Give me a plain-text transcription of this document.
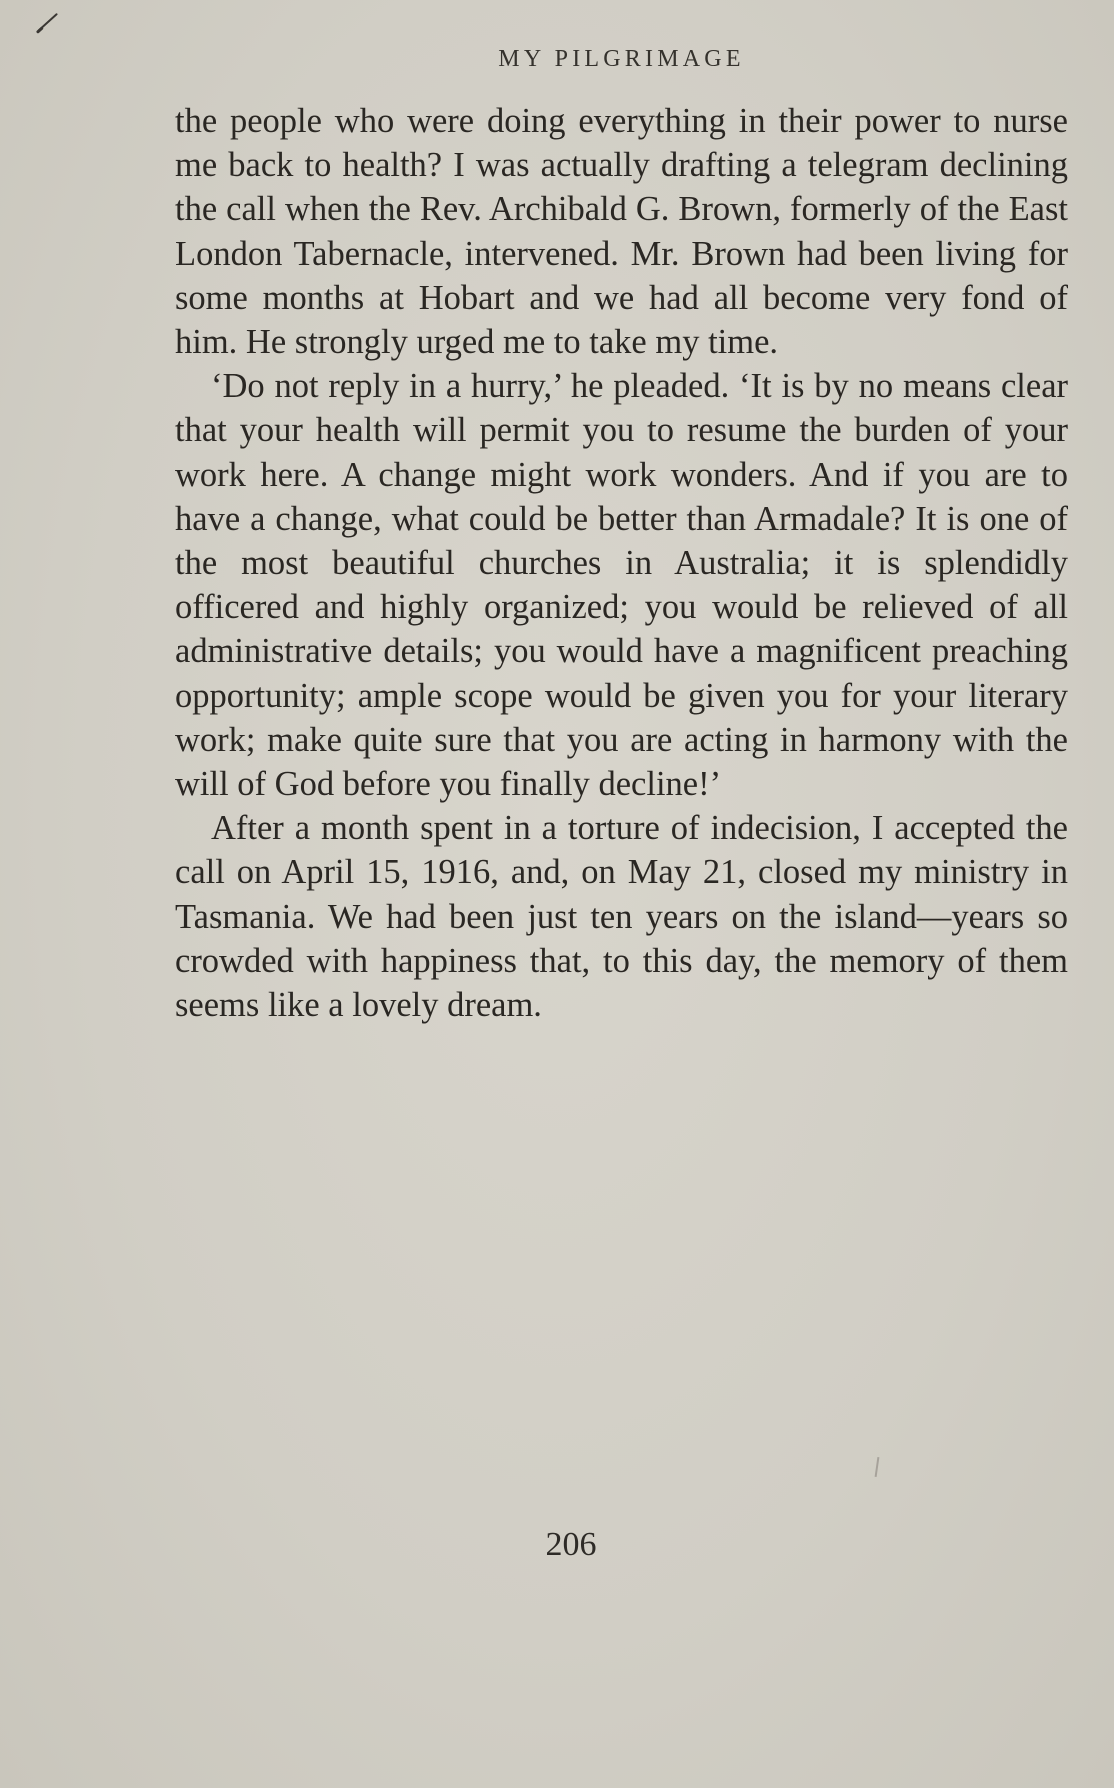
MY PILGRIMAGE

the people who were doing everything in their power to nurse me back to health? I was actually drafting a telegram declining the call when the Rev. Archibald G. Brown, formerly of the East London Tabernacle, intervened. Mr. Brown had been living for some months at Hobart and we had all become very fond of him. He strongly urged me to take my time.

‘Do not reply in a hurry,’ he pleaded. ‘It is by no means clear that your health will permit you to resume the burden of your work here. A change might work wonders. And if you are to have a change, what could be better than Armadale? It is one of the most beautiful churches in Australia; it is splendidly officered and highly organized; you would be relieved of all administrative details; you would have a magnificent preaching opportunity; ample scope would be given you for your literary work; make quite sure that you are acting in harmony with the will of God before you finally decline!’

After a month spent in a torture of indecision, I accepted the call on April 15, 1916, and, on May 21, closed my ministry in Tasmania. We had been just ten years on the island—years so crowded with happiness that, to this day, the memory of them seems like a lovely dream.

206
